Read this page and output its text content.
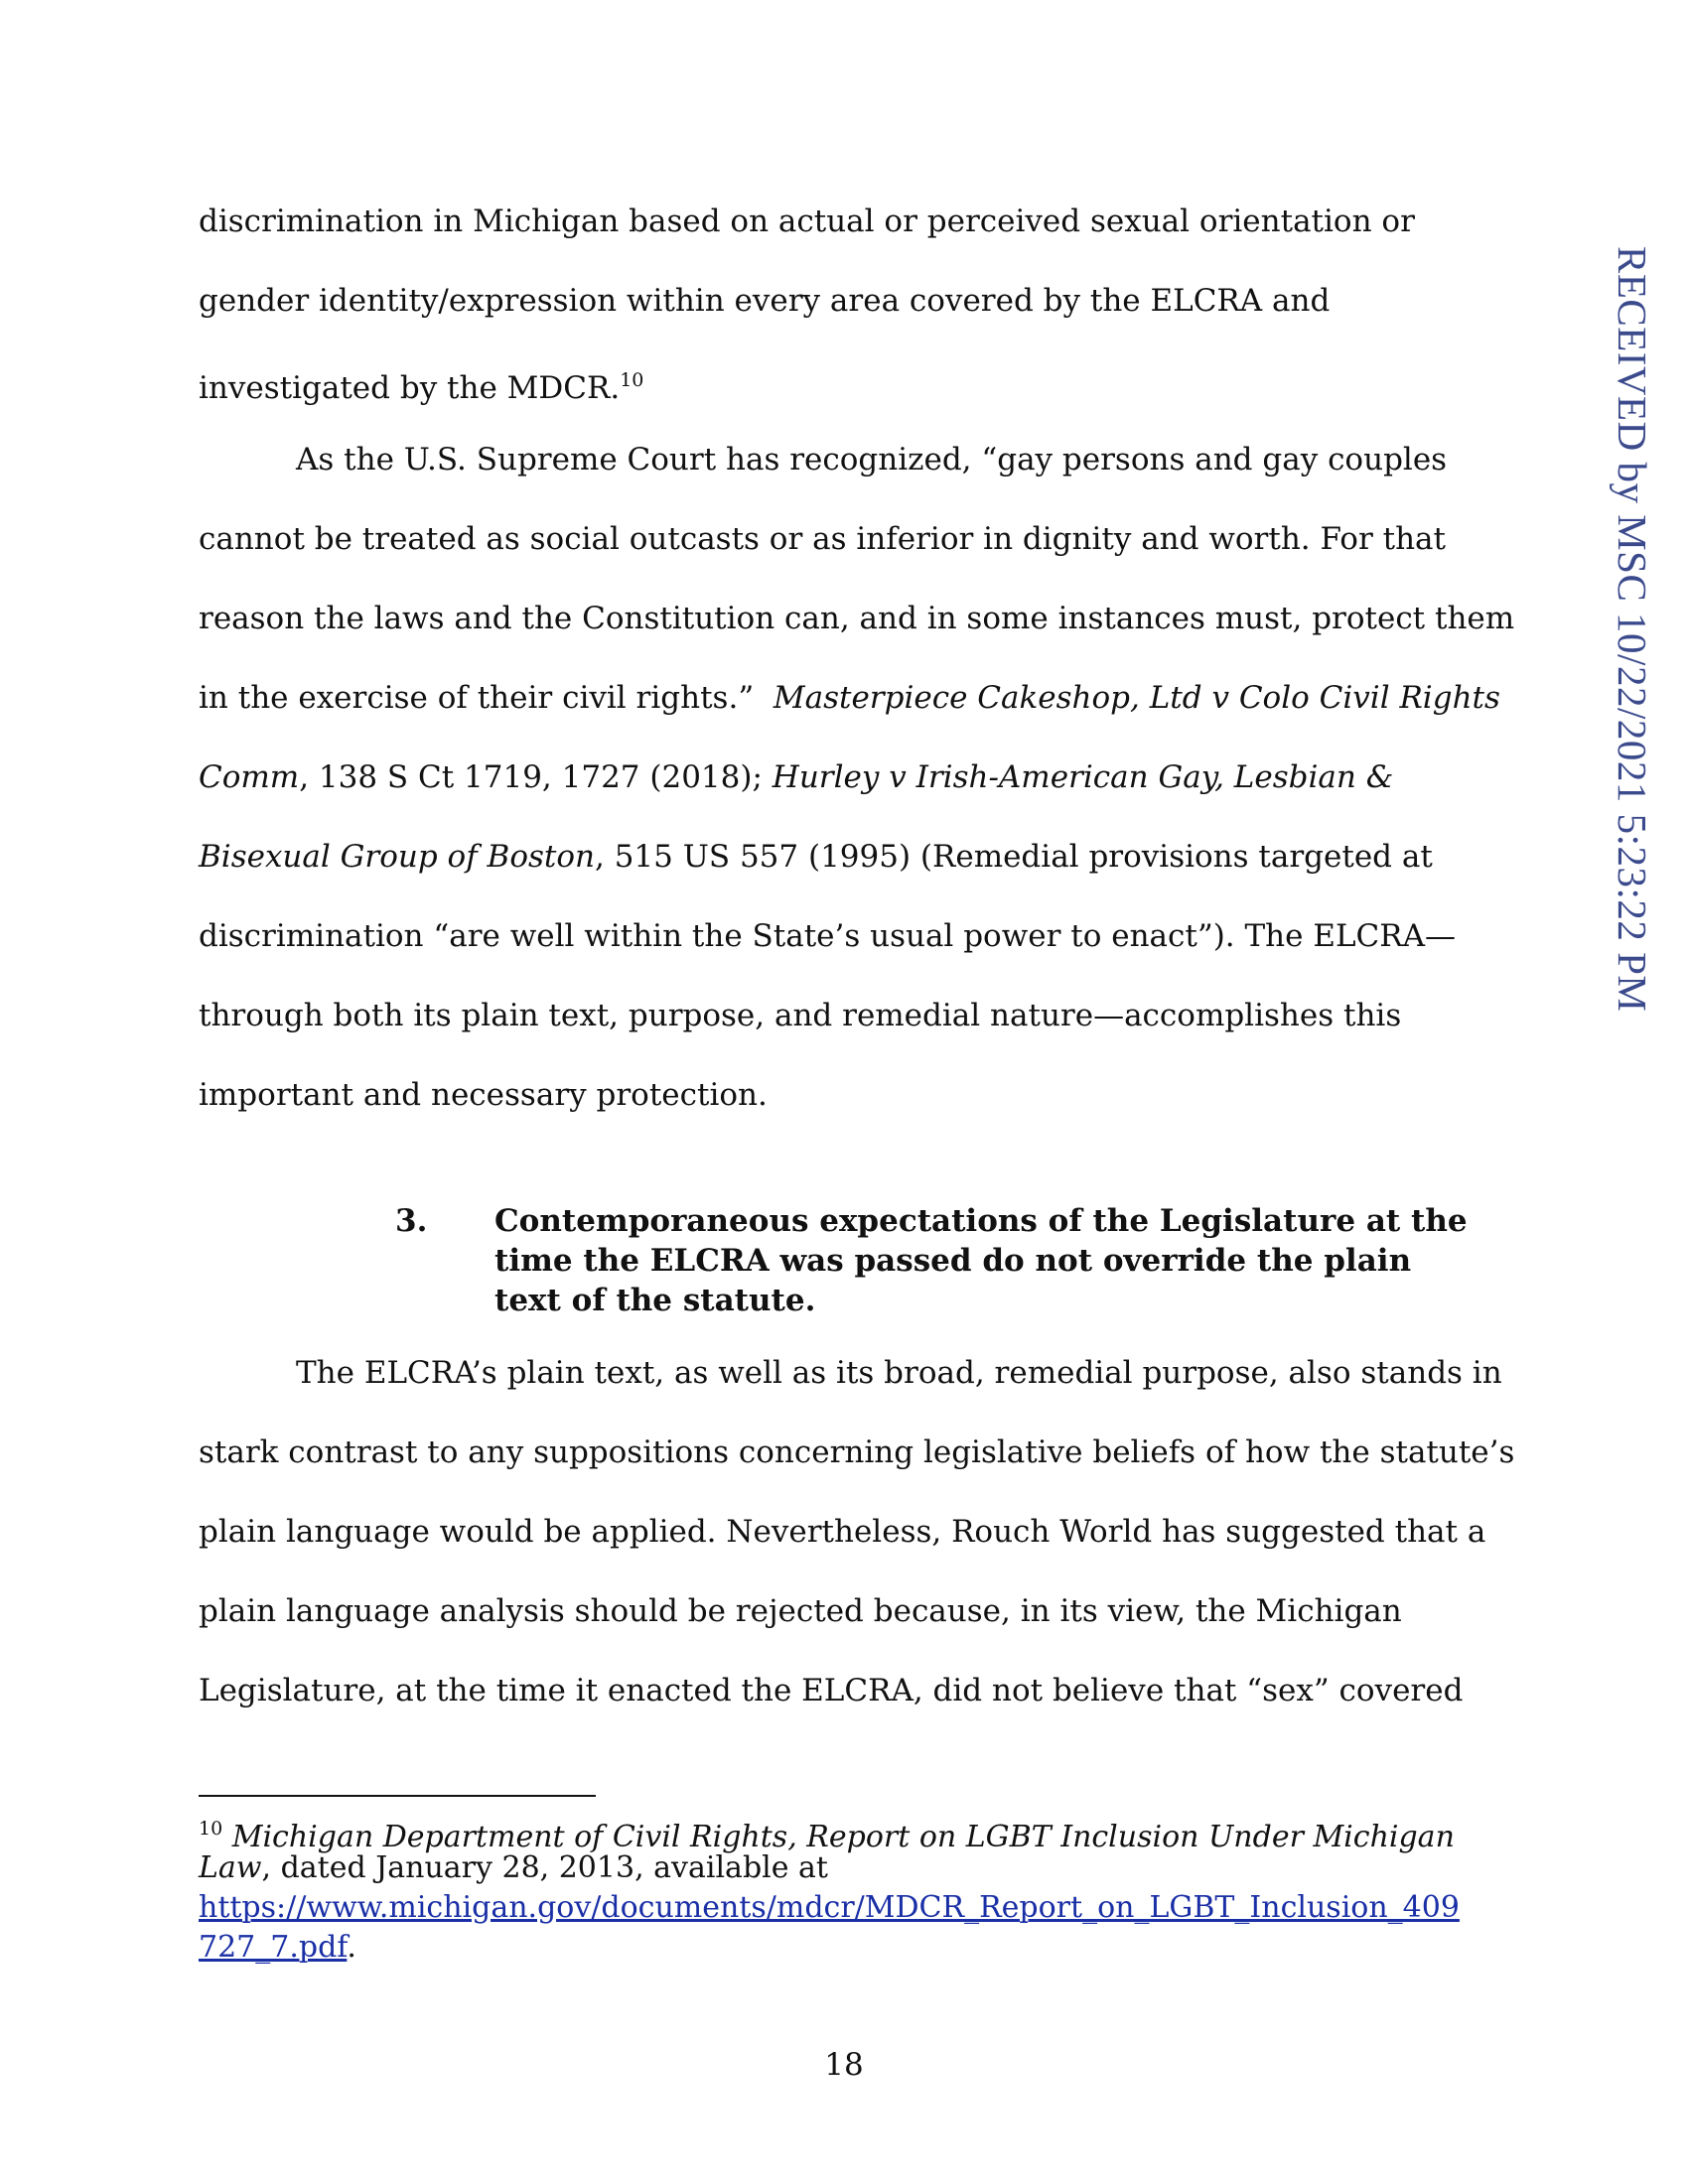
RECEIVED by MSC 10/22/2021 5:23:22 PM
discrimination in Michigan based on actual or perceived sexual orientation or
gender identity/expression within every area covered by the ELCRA and
investigated by the MDCR.$^{10}$
As the U.S. Supreme Court has recognized, “gay persons and gay couples
cannot be treated as social outcasts or as inferior in dignity and worth. For that
reason the laws and the Constitution can, and in some instances must, protect them
in the exercise of their civil rights.”  Masterpiece Cakeshop, Ltd v Colo Civil Rights
Comm, 138 S Ct 1719, 1727 (2018); Hurley v Irish-American Gay, Lesbian &
Bisexual Group of Boston, 515 US 557 (1995) (Remedial provisions targeted at
discrimination “are well within the State’s usual power to enact”). The ELCRA—
through both its plain text, purpose, and remedial nature—accomplishes this
important and necessary protection.
3. Contemporaneous expectations of the Legislature at the
time the ELCRA was passed do not override the plain
text of the statute.
The ELCRA’s plain text, as well as its broad, remedial purpose, also stands in
stark contrast to any suppositions concerning legislative beliefs of how the statute’s
plain language would be applied. Nevertheless, Rouch World has suggested that a
plain language analysis should be rejected because, in its view, the Michigan
Legislature, at the time it enacted the ELCRA, did not believe that “sex” covered
$^{10}$ Michigan Department of Civil Rights, Report on LGBT Inclusion Under Michigan
Law, dated January 28, 2013, available at
https://www.michigan.gov/documents/mdcr/MDCR_Report_on_LGBT_Inclusion_409
727_7.pdf.
18
